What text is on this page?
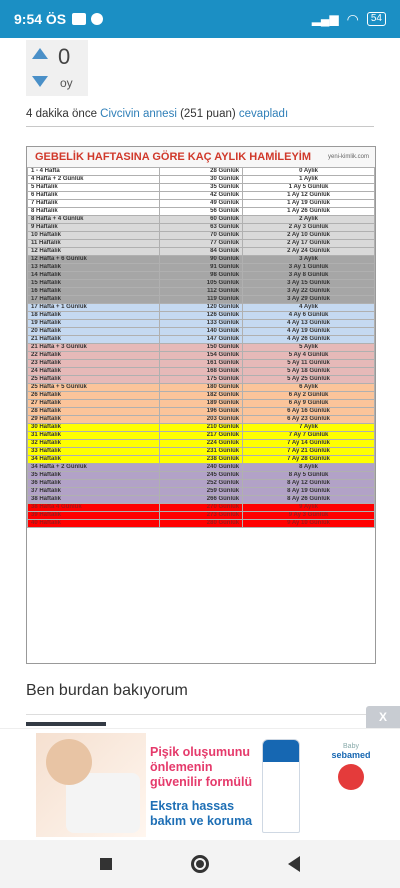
9:54 ÖS	▂▄▆ ◠	54
0
oy
4 dakika önce Civcivin annesi (251 puan) cevapladı
GEBELİK HAFTASINA GÖRE KAÇ AYLIK HAMİLEYİM	yeni-kimlik.com
1 - 4 Hafta	28 Günlük	0 Aylık
4 Hafta + 2 Günlük	30 Günlük	1 Aylık
5 Haftalık	35 Günlük	1 Ay 5 Günlük
6 Haftalık	42 Günlük	1 Ay 12 Günlük
7 Haftalık	49 Günlük	1 Ay 19 Günlük
8 Haftalık	56 Günlük	1 Ay 26 Günlük
8 Hafta + 4 Günlük	60 Günlük	2 Aylık
9 Haftalık	63 Günlük	2 Ay 3 Günlük
10 Haftalık	70 Günlük	2 Ay 10 Günlük
11 Haftalık	77 Günlük	2 Ay 17 Günlük
12 Haftalık	84 Günlük	2 Ay 24 Günlük
12 Hafta + 6 Günlük	90 Günlük	3 Aylık
13 Haftalık	91 Günlük	3 Ay 1 Günlük
14 Haftalık	98 Günlük	3 Ay 8 Günlük
15 Haftalık	105 Günlük	3 Ay 15 Günlük
16 Haftalık	112 Günlük	3 Ay 22 Günlük
17 Haftalık	119 Günlük	3 Ay 29 Günlük
17 Hafta + 1 Günlük	120 Günlük	4 Aylık
18 Haftalık	126 Günlük	4 Ay 6 Günlük
19 Haftalık	133 Günlük	4 Ay 13 Günlük
20 Haftalık	140 Günlük	4 Ay 19 Günlük
21 Haftalık	147 Günlük	4 Ay 26 Günlük
21 Hafta + 3 Günlük	150 Günlük	5 Aylık
22 Haftalık	154 Günlük	5 Ay 4 Günlük
23 Haftalık	161 Günlük	5 Ay 11 Günlük
24 Haftalık	168 Günlük	5 Ay 18 Günlük
25 Haftalık	175 Günlük	5 Ay 25 Günlük
25 Hafta + 5 Günlük	180 Günlük	6 Aylık
26 Haftalık	182 Günlük	6 Ay 2 Günlük
27 Haftalık	189 Günlük	6 Ay 9 Günlük
28 Haftalık	196 Günlük	6 Ay 16 Günlük
29 Haftalık	203 Günlük	6 Ay 23 Günlük
30 Haftalık	210 Günlük	7 Aylık
31 Haftalık	217 Günlük	7 Ay 7 Günlük
32 Haftalık	224 Günlük	7 Ay 14 Günlük
33 Haftalık	231 Günlük	7 Ay 21 Günlük
34 Haftalık	238 Günlük	7 Ay 28 Günlük
34 Hafta + 2 Günlük	240 Günlük	8 Aylık
35 Haftalık	245 Günlük	8 Ay 5 Günlük
36 Haftalık	252 Günlük	8 Ay 12 Günlük
37 Haftalık	259 Günlük	8 Ay 19 Günlük
38 Haftalık	266 Günlük	8 Ay 26 Günlük
38 Hafta 4 Günlük	270 Günlük	9 Aylık
39 Haftalık	273 Günlük	9 Ay 3 Günlük
40 Haftalık	280 Günlük	9 Ay 10 Günlük
Ben burdan bakıyorum
X
Pişik oluşumunu önlemenin güvenilir formülü
Ekstra hassas bakım ve koruma
Baby
sebamed
